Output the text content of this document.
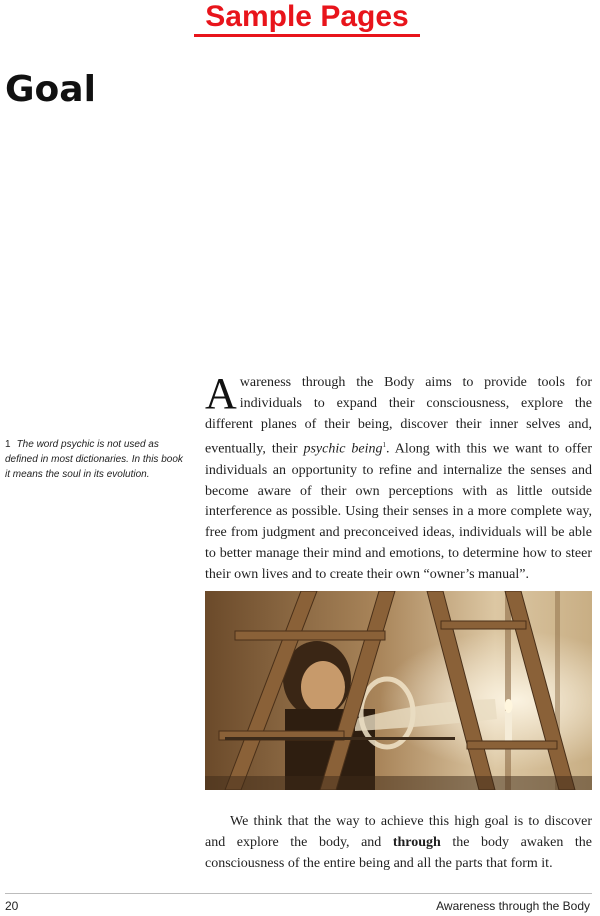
Sample Pages
Goal
1 The word psychic is not used as defined in most dictionaries. In this book it means the soul in its evolution.
Awareness through the Body aims to provide tools for individuals to expand their consciousness, explore the different planes of their being, discover their inner selves and, eventually, their psychic being$^1$. Along with this we want to offer individuals an opportunity to refine and internalize the senses and become aware of their own perceptions with as little outside interference as possible. Using their senses in a more complete way, free from judgment and preconceived ideas, individuals will be able to better manage their mind and emotions, to determine how to steer their own lives and to create their own “owner’s manual”.
We think that the way to achieve this high goal is to discover and explore the body, and through the body awaken the consciousness of the entire being and all the parts that form it.
20	Awareness through the Body
